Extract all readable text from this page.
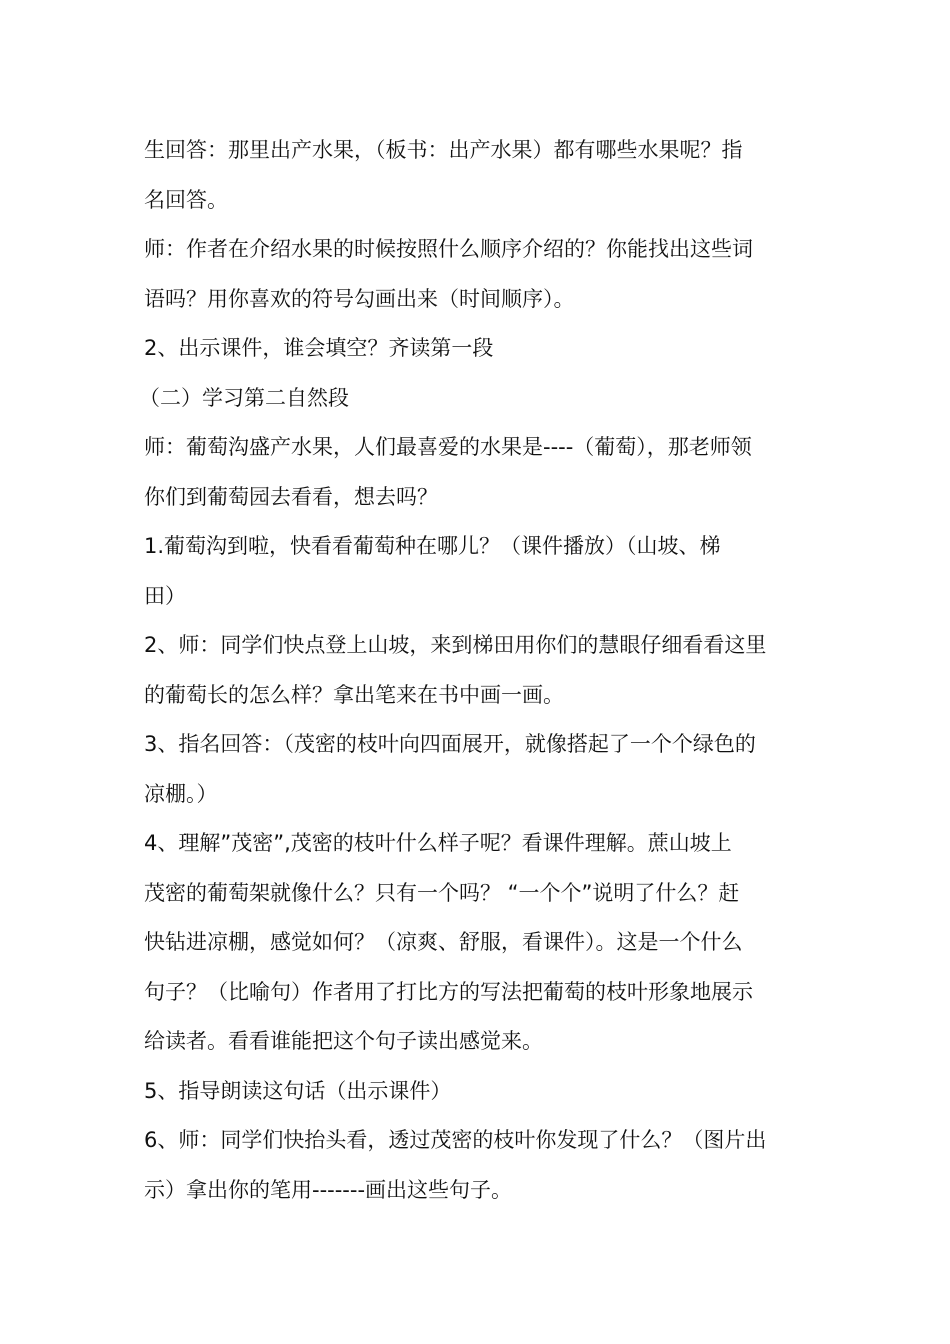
生回答：那里出产水果，（板书：出产水果）都有哪些水果呢？指
名回答。
师：作者在介绍水果的时候按照什么顺序介绍的？你能找出这些词
语吗？用你喜欢的符号勾画出来（时间顺序）。
2、出示课件，谁会填空？齐读第一段
（二）学习第二自然段
师：葡萄沟盛产水果，人们最喜爱的水果是----（葡萄），那老师领
你们到葡萄园去看看，想去吗？
1.葡萄沟到啦，快看看葡萄种在哪儿？（课件播放）（山坡、梯
田）
2、师：同学们快点登上山坡，来到梯田用你们的慧眼仔细看看这里
的葡萄长的怎么样？拿出笔来在书中画一画。
3、指名回答：（茂密的枝叶向四面展开，就像搭起了一个个绿色的
凉棚。）
4、理解”茂密”,茂密的枝叶什么样子呢？看课件理解。蔗山坡上
茂密的葡萄架就像什么？只有一个吗？ “一个个”说明了什么？赶
快钻进凉棚，感觉如何？（凉爽、舒服，看课件）。这是一个什么
句子？（比喻句）作者用了打比方的写法把葡萄的枝叶形象地展示
给读者。看看谁能把这个句子读出感觉来。
5、指导朗读这句话（出示课件）
6、师：同学们快抬头看，透过茂密的枝叶你发现了什么？（图片出
示）拿出你的笔用-------画出这些句子。
